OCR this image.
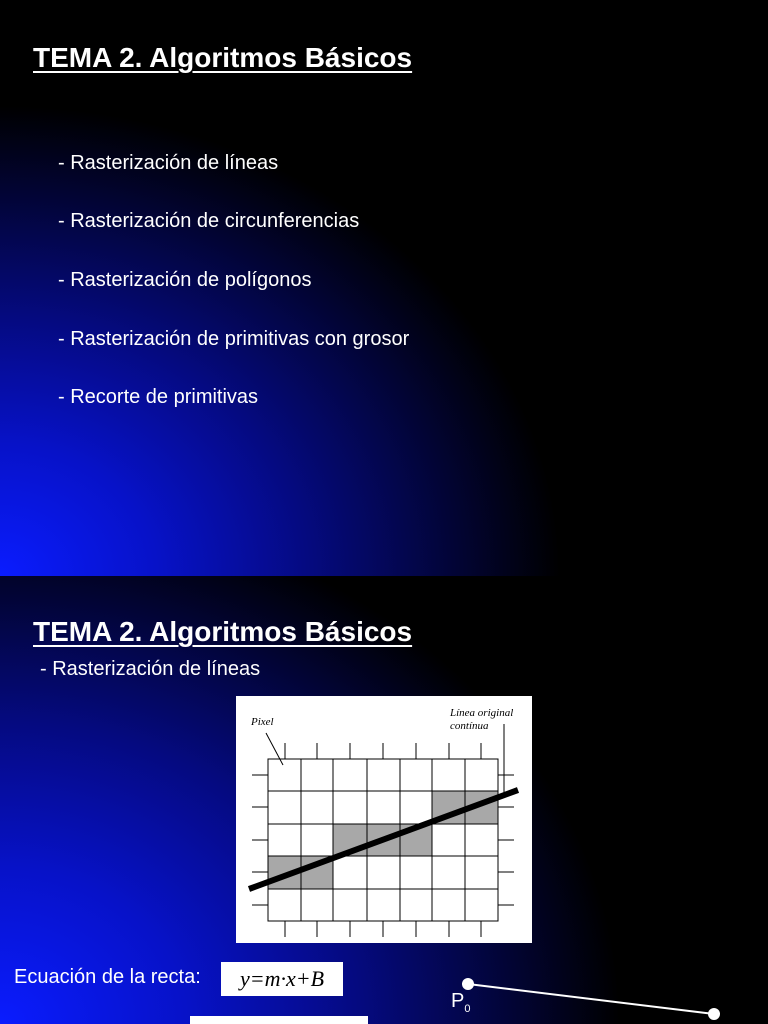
TEMA 2. Algoritmos Básicos
- Rasterización de líneas
- Rasterización de circunferencias
- Rasterización de polígonos
- Rasterización de primitivas con grosor
- Recorte de primitivas
TEMA 2. Algoritmos Básicos
- Rasterización de líneas
Pixel
Línea original
contínua
Ecuación de la recta:	y=m·x+B
$P_0$
